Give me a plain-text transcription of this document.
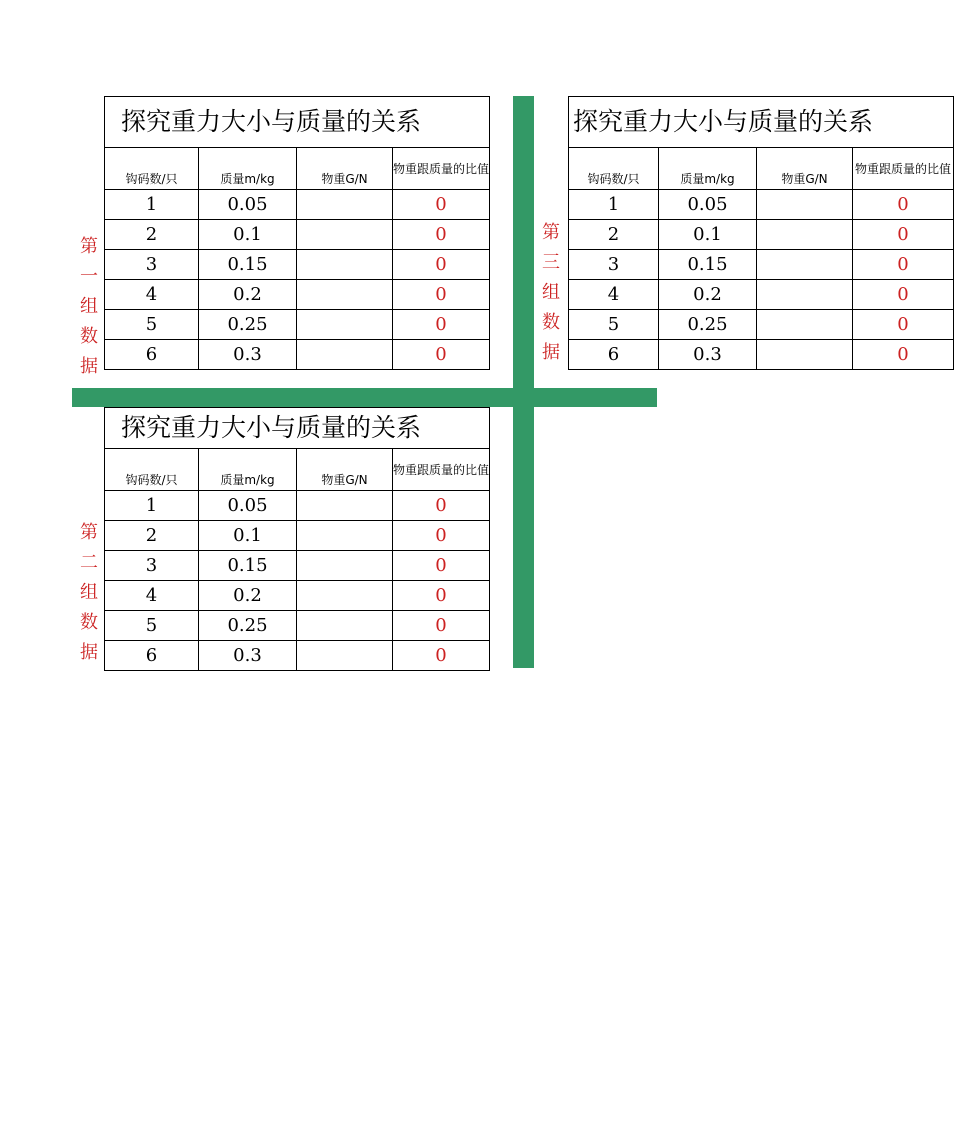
第
一
组
数
据
探究重力大小与质量的关系			
钩码数/只	质量m/kg	物重G/N	物重跟质量的比值
1	0.05		0
2	0.1		0
3	0.15		0
4	0.2		0
5	0.25		0
6	0.3		0
第
二
组
数
据
探究重力大小与质量的关系			
钩码数/只	质量m/kg	物重G/N	物重跟质量的比值
1	0.05		0
2	0.1		0
3	0.15		0
4	0.2		0
5	0.25		0
6	0.3		0
第
三
组
数
据
探究重力大小与质量的关系			
钩码数/只	质量m/kg	物重G/N	物重跟质量的比值
1	0.05		0
2	0.1		0
3	0.15		0
4	0.2		0
5	0.25		0
6	0.3		0
